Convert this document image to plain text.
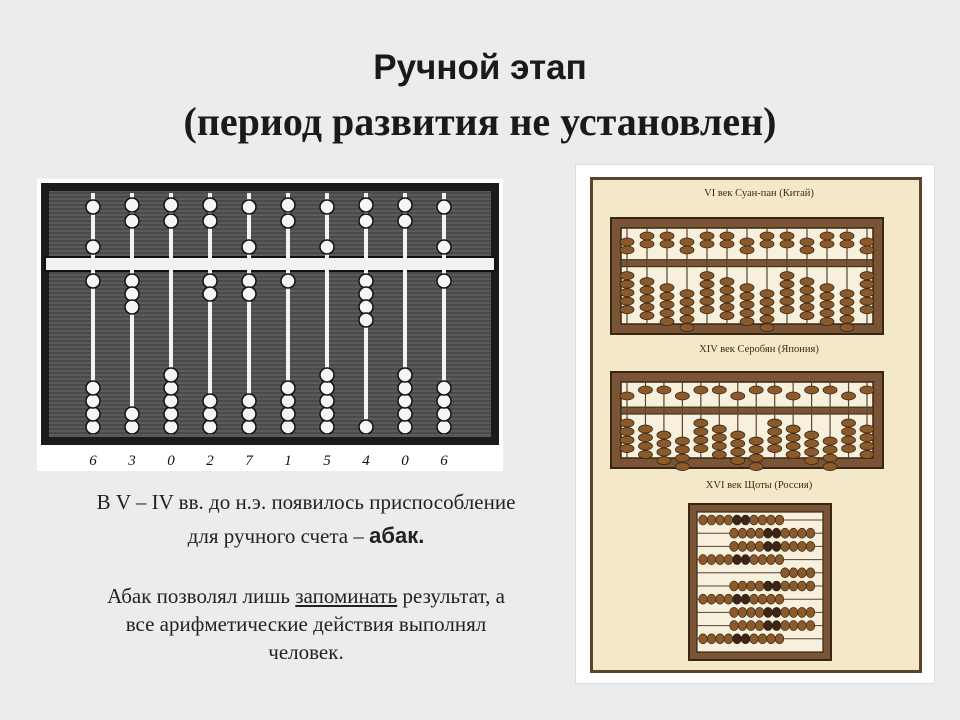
Ручной этап
(период развития не установлен)
6 3 0 2 7 1 5 4 0 6
В V – IV вв. до н.э. появилось приспособление
для ручного счета – абак.
Абак позволял лишь запоминать результат, а
все арифметические действия выполнял
человек.
VI век Суан-пан (Китай)
XIV век Серобян (Япония)
XVI век Щоты (Россия)
